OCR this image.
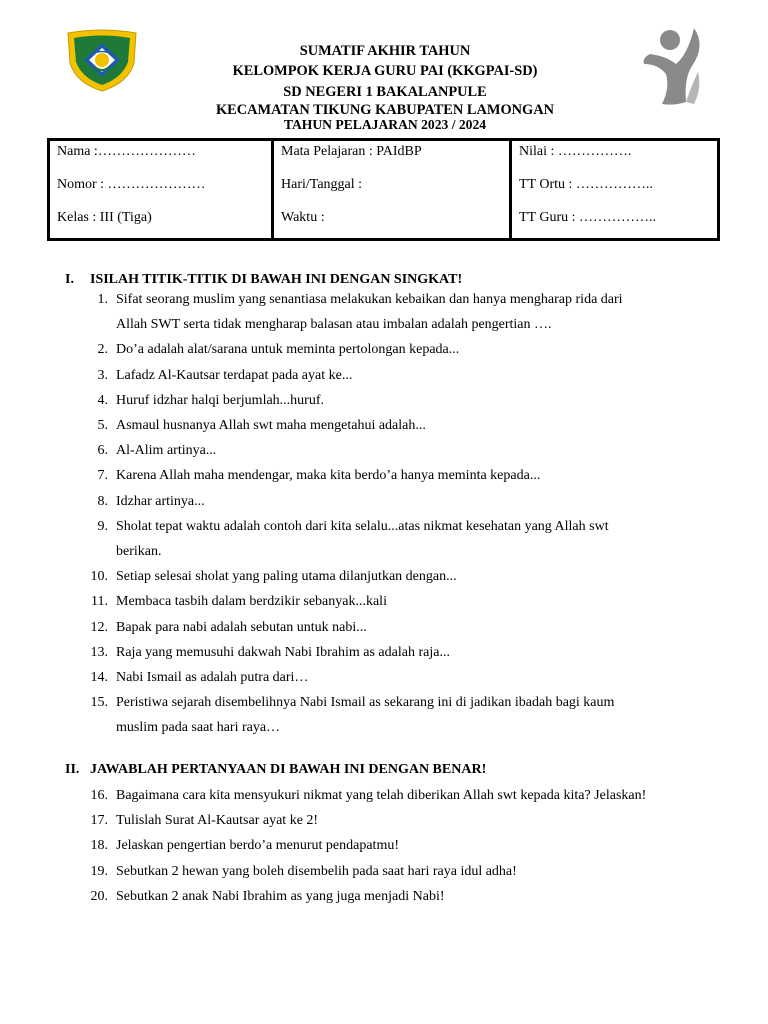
SUMATIF AKHIR TAHUN
KELOMPOK KERJA GURU PAI (KKGPAI-SD)
SD NEGERI 1 BAKALANPULE
KECAMATAN TIKUNG KABUPATEN LAMONGAN
TAHUN PELAJARAN 2023 / 2024
Nama :…………………
Nomor : …………………
Kelas : III (Tiga)
Mata Pelajaran : PAIdBP
Hari/Tanggal :
Waktu :
Nilai : …………….
TT Ortu : ……………..
TT Guru : ……………..
I. ISILAH TITIK-TITIK DI BAWAH INI DENGAN SINGKAT!
1. Sifat seorang muslim yang senantiasa melakukan kebaikan dan hanya mengharap rida dari
Allah SWT serta tidak mengharap balasan atau imbalan adalah pengertian ….
2. Do’a adalah alat/sarana untuk meminta pertolongan kepada...
3. Lafadz Al-Kautsar terdapat pada ayat ke...
4. Huruf idzhar halqi berjumlah...huruf.
5. Asmaul husnanya Allah swt maha mengetahui adalah...
6. Al-Alim artinya...
7. Karena Allah maha mendengar, maka kita berdo’a hanya meminta kepada...
8. Idzhar artinya...
9. Sholat tepat waktu adalah contoh dari kita selalu...atas nikmat kesehatan yang Allah swt
berikan.
10. Setiap selesai sholat yang paling utama dilanjutkan dengan...
11. Membaca tasbih dalam berdzikir sebanyak...kali
12. Bapak para nabi adalah sebutan untuk nabi...
13. Raja yang memusuhi dakwah Nabi Ibrahim as adalah raja...
14. Nabi Ismail as adalah putra dari…
15. Peristiwa sejarah disembelihnya Nabi Ismail as sekarang ini di jadikan ibadah bagi kaum
muslim pada saat hari raya…
II. JAWABLAH PERTANYAAN DI BAWAH INI DENGAN BENAR!
16. Bagaimana cara kita mensyukuri nikmat yang telah diberikan Allah swt kepada kita? Jelaskan!
17. Tulislah Surat Al-Kautsar ayat ke 2!
18. Jelaskan pengertian berdo’a menurut pendapatmu!
19. Sebutkan 2 hewan yang boleh disembelih pada saat hari raya idul adha!
20. Sebutkan 2 anak Nabi Ibrahim as yang juga menjadi Nabi!
